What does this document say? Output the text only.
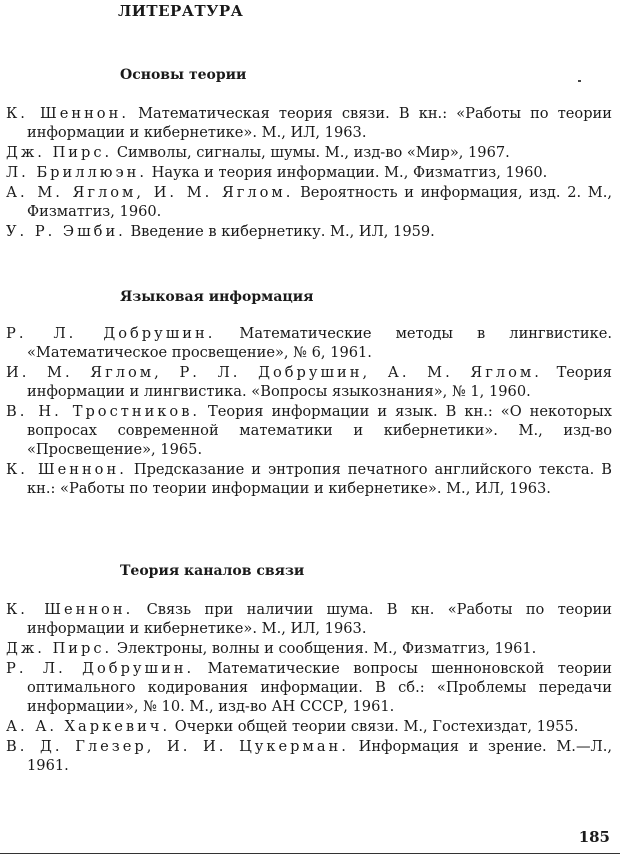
ЛИТЕРАТУРА
Основы теории
К. Шеннон. Математическая теория связи. В кн.: «Работы по теории информации и кибернетике». М., ИЛ, 1963.
Дж. Пирс. Символы, сигналы, шумы. М., изд-во «Мир», 1967.
Л. Бриллюэн. Наука и теория информации. М., Физматгиз, 1960.
А. М. Яглом, И. М. Яглом. Вероятность и информация, изд. 2. М., Физматгиз, 1960.
У. Р. Эшби. Введение в кибернетику. М., ИЛ, 1959.
Языковая информация
Р. Л. Добрушин. Математические методы в лингвистике. «Математическое просвещение», № 6, 1961.
И. М. Яглом, Р. Л. Добрушин, А. М. Яглом. Теория информации и лингвистика. «Вопросы языкознания», № 1, 1960.
В. Н. Тростников. Теория информации и язык. В кн.: «О некоторых вопросах современной математики и кибернетики». М., изд-во «Просвещение», 1965.
К. Шеннон. Предсказание и энтропия печатного английского текста. В кн.: «Работы по теории информации и кибернетике». М., ИЛ, 1963.
Теория каналов связи
К. Шеннон. Связь при наличии шума. В кн. «Работы по теории информации и кибернетике». М., ИЛ, 1963.
Дж. Пирс. Электроны, волны и сообщения. М., Физматгиз, 1961.
Р. Л. Добрушин. Математические вопросы шенноновской теории оптимального кодирования информации. В сб.: «Проблемы передачи информации», № 10. М., изд-во АН СССР, 1961.
А. А. Харкевич. Очерки общей теории связи. М., Гостехиздат, 1955.
В. Д. Глезер, И. И. Цукерман. Информация и зрение. М.—Л., 1961.
185
